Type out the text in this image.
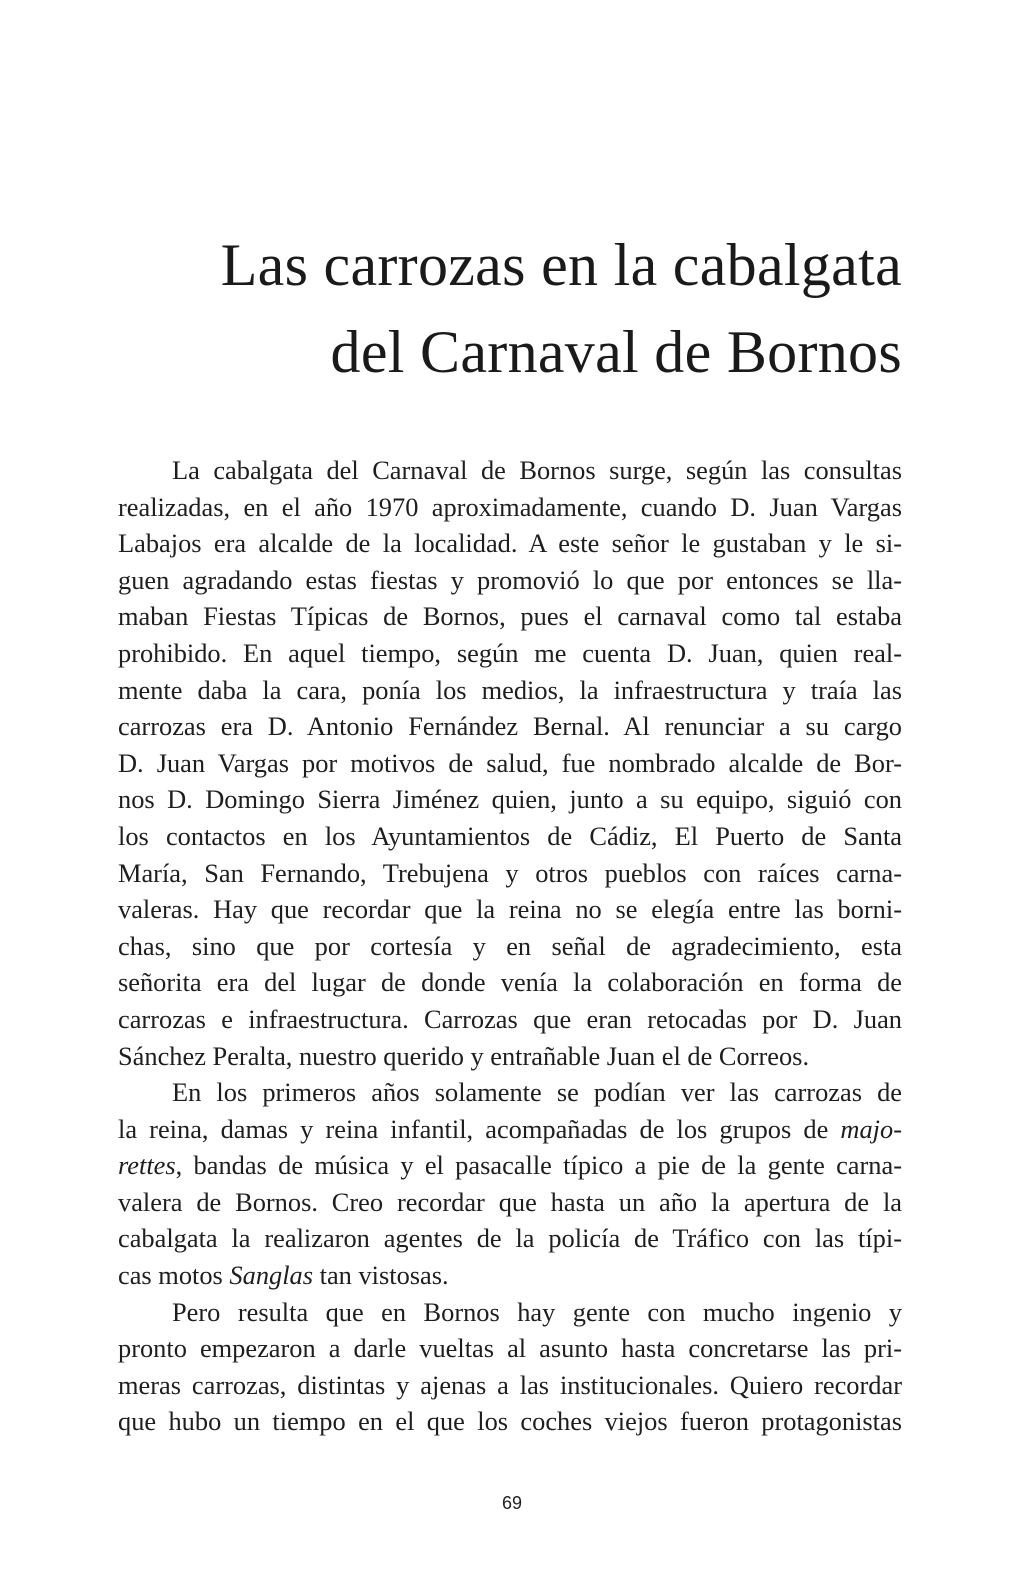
Las carrozas en la cabalgata
del Carnaval de Bornos
La cabalgata del Carnaval de Bornos surge, según las consultas
realizadas, en el año 1970 aproximadamente, cuando D. Juan Vargas
Labajos era alcalde de la localidad. A este señor le gustaban y le si-
guen agradando estas fiestas y promovió lo que por entonces se lla-
maban Fiestas Típicas de Bornos, pues el carnaval como tal estaba
prohibido. En aquel tiempo, según me cuenta D. Juan, quien real-
mente daba la cara, ponía los medios, la infraestructura y traía las
carrozas era D. Antonio Fernández Bernal. Al renunciar a su cargo
D. Juan Vargas por motivos de salud, fue nombrado alcalde de Bor-
nos D. Domingo Sierra Jiménez quien, junto a su equipo, siguió con
los contactos en los Ayuntamientos de Cádiz, El Puerto de Santa
María, San Fernando, Trebujena y otros pueblos con raíces carna-
valeras. Hay que recordar que la reina no se elegía entre las borni-
chas, sino que por cortesía y en señal de agradecimiento, esta
señorita era del lugar de donde venía la colaboración en forma de
carrozas e infraestructura. Carrozas que eran retocadas por D. Juan
Sánchez Peralta, nuestro querido y entrañable Juan el de Correos.
En los primeros años solamente se podían ver las carrozas de
la reina, damas y reina infantil, acompañadas de los grupos de majo-
rettes, bandas de música y el pasacalle típico a pie de la gente carna-
valera de Bornos. Creo recordar que hasta un año la apertura de la
cabalgata la realizaron agentes de la policía de Tráfico con las típi-
cas motos Sanglas tan vistosas.
Pero resulta que en Bornos hay gente con mucho ingenio y
pronto empezaron a darle vueltas al asunto hasta concretarse las pri-
meras carrozas, distintas y ajenas a las institucionales. Quiero recordar
que hubo un tiempo en el que los coches viejos fueron protagonistas
69
